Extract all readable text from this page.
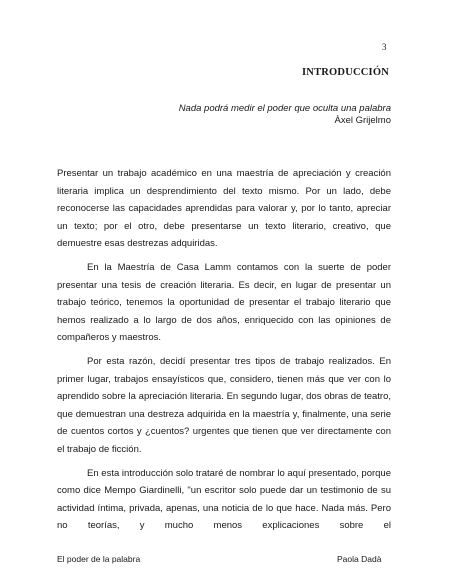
3
INTRODUCCIÓN
Nada podrá medir el poder que oculta una palabra
Àxel Grijelmo

Presentar un trabajo académico en una maestría de apreciación y creación literaria implica un desprendimiento del texto mismo. Por un lado, debe reconocerse las capacidades aprendidas para valorar y, por lo tanto, apreciar un texto; por el otro, debe presentarse un texto literario, creativo, que demuestre esas destrezas adquiridas.

En la Maestría de Casa Lamm contamos con la suerte de poder presentar una tesis de creación literaria. Es decir, en lugar de presentar un trabajo teórico, tenemos la oportunidad de presentar el trabajo literario que hemos realizado a lo largo de dos años, enriquecido con las opiniones de compañeros y maestros.

Por esta razón, decidí presentar tres tipos de trabajo realizados. En primer lugar, trabajos ensayísticos que, considero, tienen más que ver con lo aprendido sobre la apreciación literaria. En segundo lugar, dos obras de teatro, que demuestran una destreza adquirida en la maestría y, finalmente, una serie de cuentos cortos y ¿cuentos? urgentes que tienen que ver directamente con el trabajo de ficción.

En esta introducción solo trataré de nombrar lo aquí presentado, porque como dice Mempo Giardinelli, "un escritor solo puede dar un testimonio de su actividad íntima, privada, apenas, una noticia de lo que hace. Nada más. Pero no teorías, y mucho menos explicaciones sobre el

El poder de la palabra	Paola Dadà
